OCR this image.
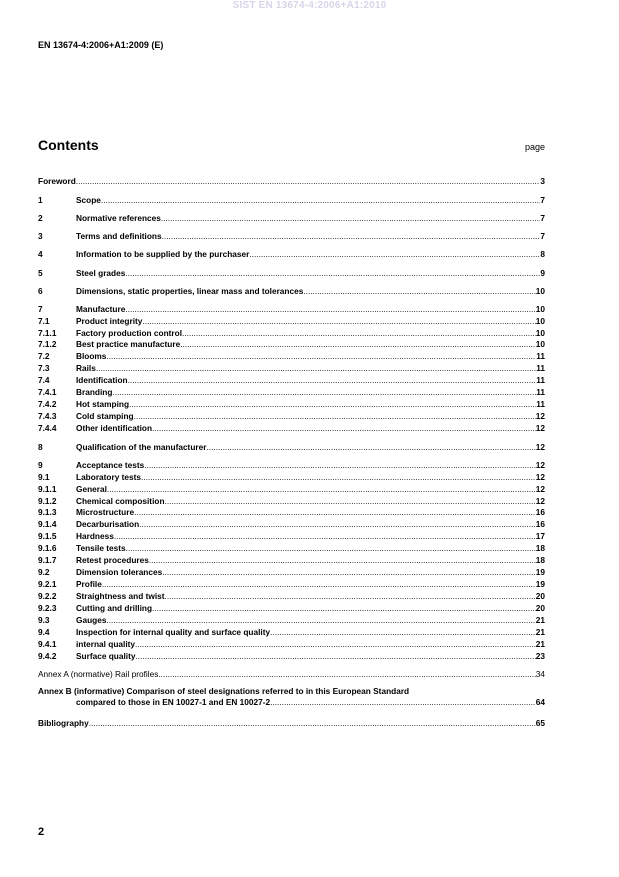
SIST EN 13674-4:2006+A1:2010
EN 13674-4:2006+A1:2009 (E)
Contents	page
Foreword .....	3
1	Scope .....	7
2	Normative references .....	7
3	Terms and definitions .....	7
4	Information to be supplied by the purchaser .....	8
5	Steel grades .....	9
6	Dimensions, static properties, linear mass and tolerances .....	10
7	Manufacture .....	10
7.1	Product integrity .....	10
7.1.1	Factory production control .....	10
7.1.2	Best practice manufacture .....	10
7.2	Blooms .....	11
7.3	Rails .....	11
7.4	Identification .....	11
7.4.1	Branding .....	11
7.4.2	Hot stamping .....	11
7.4.3	Cold stamping .....	12
7.4.4	Other identification .....	12
8	Qualification of the manufacturer .....	12
9	Acceptance tests .....	12
9.1	Laboratory tests .....	12
9.1.1	General .....	12
9.1.2	Chemical composition .....	12
9.1.3	Microstructure .....	16
9.1.4	Decarburisation .....	16
9.1.5	Hardness .....	17
9.1.6	Tensile tests .....	18
9.1.7	Retest procedures .....	18
9.2	Dimension tolerances .....	19
9.2.1	Profile .....	19
9.2.2	Straightness and twist .....	20
9.2.3	Cutting and drilling .....	20
9.3	Gauges .....	21
9.4	Inspection for internal quality and surface quality .....	21
9.4.1	internal quality .....	21
9.4.2	Surface quality .....	23
Annex A (normative) Rail profiles .....	34
Annex B (informative) Comparison of steel designations referred to in this European Standard
compared to those in EN 10027-1 and EN 10027-2 .....	64
Bibliography .....	65
2
